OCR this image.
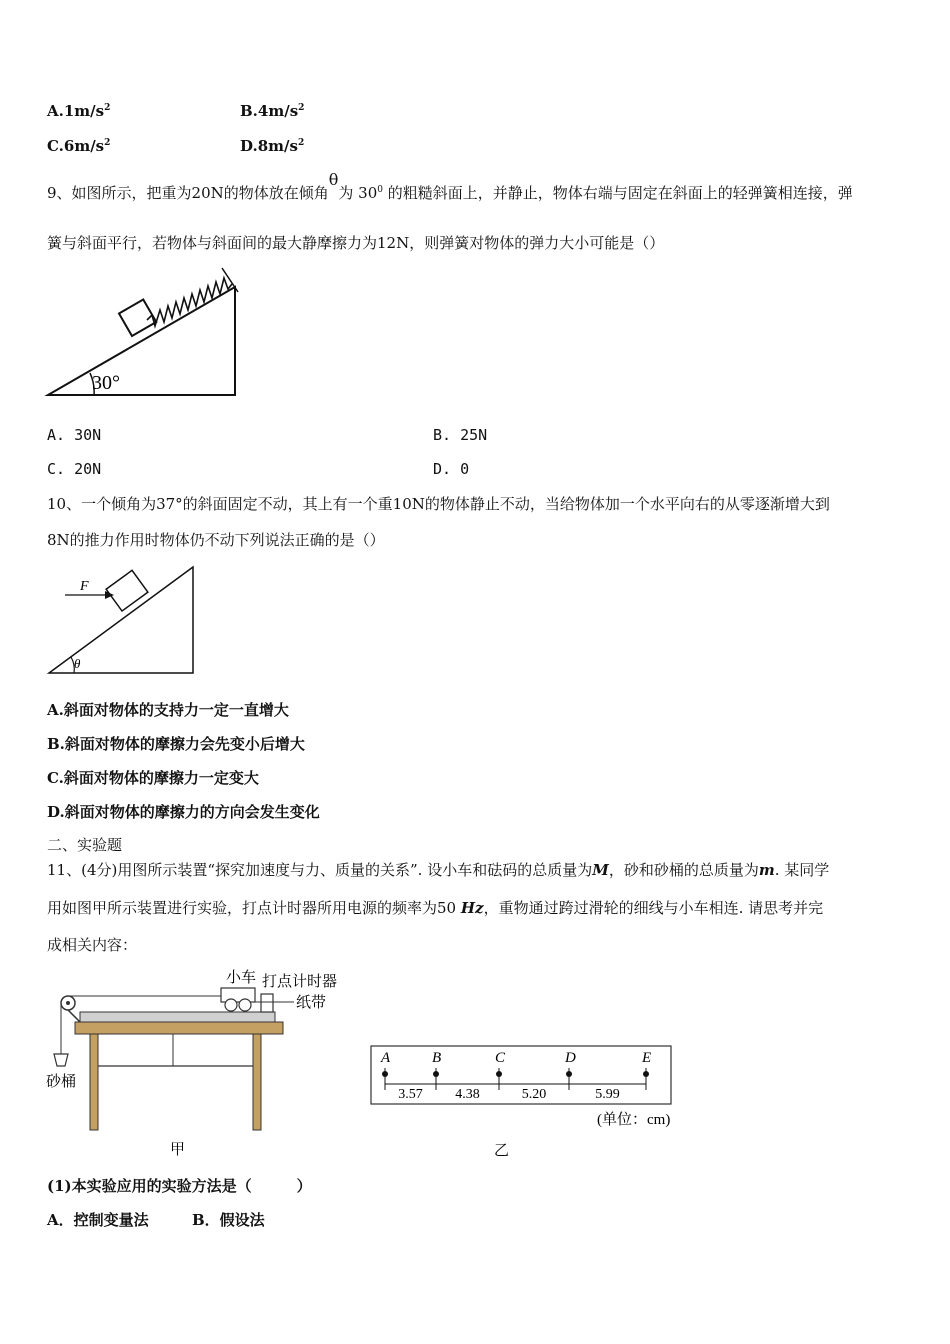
$A.1m/s^2$	$B.4m/s^2$
$C.6m/s^2$	$D.8m/s^2$
9、如图所示，把重为20N的物体放在倾角θ为 $30^0$ 的粗糙斜面上，并静止，物体右端与固定在斜面上的轻弹簧相连接，弹
簧与斜面平行，若物体与斜面间的最大静摩擦力为12N，则弹簧对物体的弹力大小可能是（）
30°
A. 30N	B. 25N
C. 20N	D. 0
10、一个倾角为37°的斜面固定不动，其上有一个重10N的物体静止不动，当给物体加一个水平向右的从零逐渐增大到
8N的推力作用时物体仍不动下列说法正确的是（）
F
θ
A.斜面对物体的支持力一定一直增大
B.斜面对物体的摩擦力会先变小后增大
C.斜面对物体的摩擦力一定变大
D.斜面对物体的摩擦力的方向会发生变化
二、实验题
11、(4分)用图所示装置“探究加速度与力、质量的关系”. 设小车和砝码的总质量为M，砂和砂桶的总质量为m. 某同学
用如图甲所示装置进行实验，打点计时器所用电源的频率为50 Hz，重物通过跨过滑轮的细线与小车相连. 请思考并完
成相关内容：
小车 打点计时器
纸带
砂桶
甲
A	B	C	D	E
3.57 4.38	5.20	5.99
(单位：cm)
乙
(1)本实验应用的实验方法是（　　　）
A．控制变量法	B．假设法
